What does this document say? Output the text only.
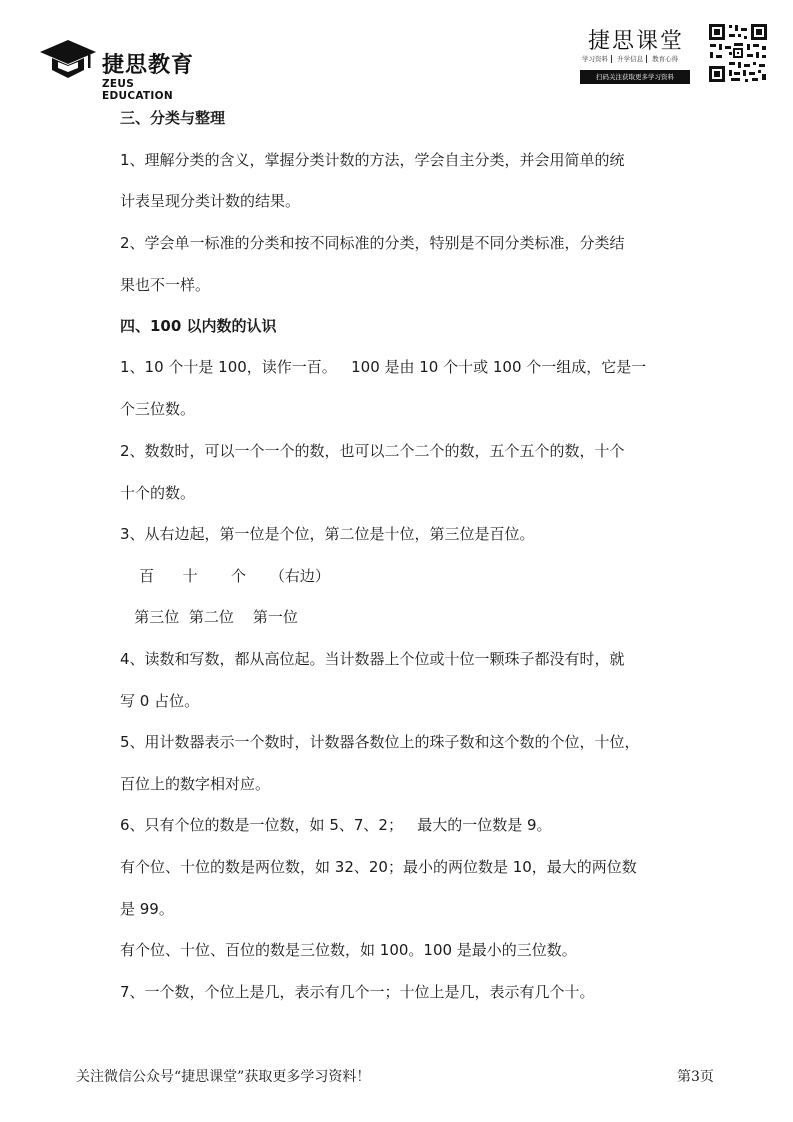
捷思教育
ZEUS EDUCATION
捷思课堂
学习资料 升学信息 教育心得
扫码关注获取更多学习资料
三、分类与整理
1、理解分类的含义，掌握分类计数的方法，学会自主分类，并会用简单的统
计表呈现分类计数的结果。
2、学会单一标准的分类和按不同标准的分类，特别是不同分类标准，分类结
果也不一样。
四、100 以内数的认识
1、10 个十是 100，读作一百。   100 是由 10 个十或 100 个一组成，它是一
个三位数。
2、数数时，可以一个一个的数，也可以二个二个的数，五个五个的数，十个
十个的数。
3、从右边起，第一位是个位，第二位是十位，第三位是百位。
百      十       个     （右边）
第三位  第二位    第一位
4、读数和写数，都从高位起。当计数器上个位或十位一颗珠子都没有时，就
写 0 占位。
5、用计数器表示一个数时，计数器各数位上的珠子数和这个数的个位，十位，
百位上的数字相对应。
6、只有个位的数是一位数，如 5、7、2；   最大的一位数是 9。
有个位、十位的数是两位数，如 32、20；最小的两位数是 10，最大的两位数
是 99。
有个位、十位、百位的数是三位数，如 100。100 是最小的三位数。
7、一个数，个位上是几，表示有几个一；十位上是几，表示有几个十。
关注微信公众号“捷思课堂”获取更多学习资料！	第3页
